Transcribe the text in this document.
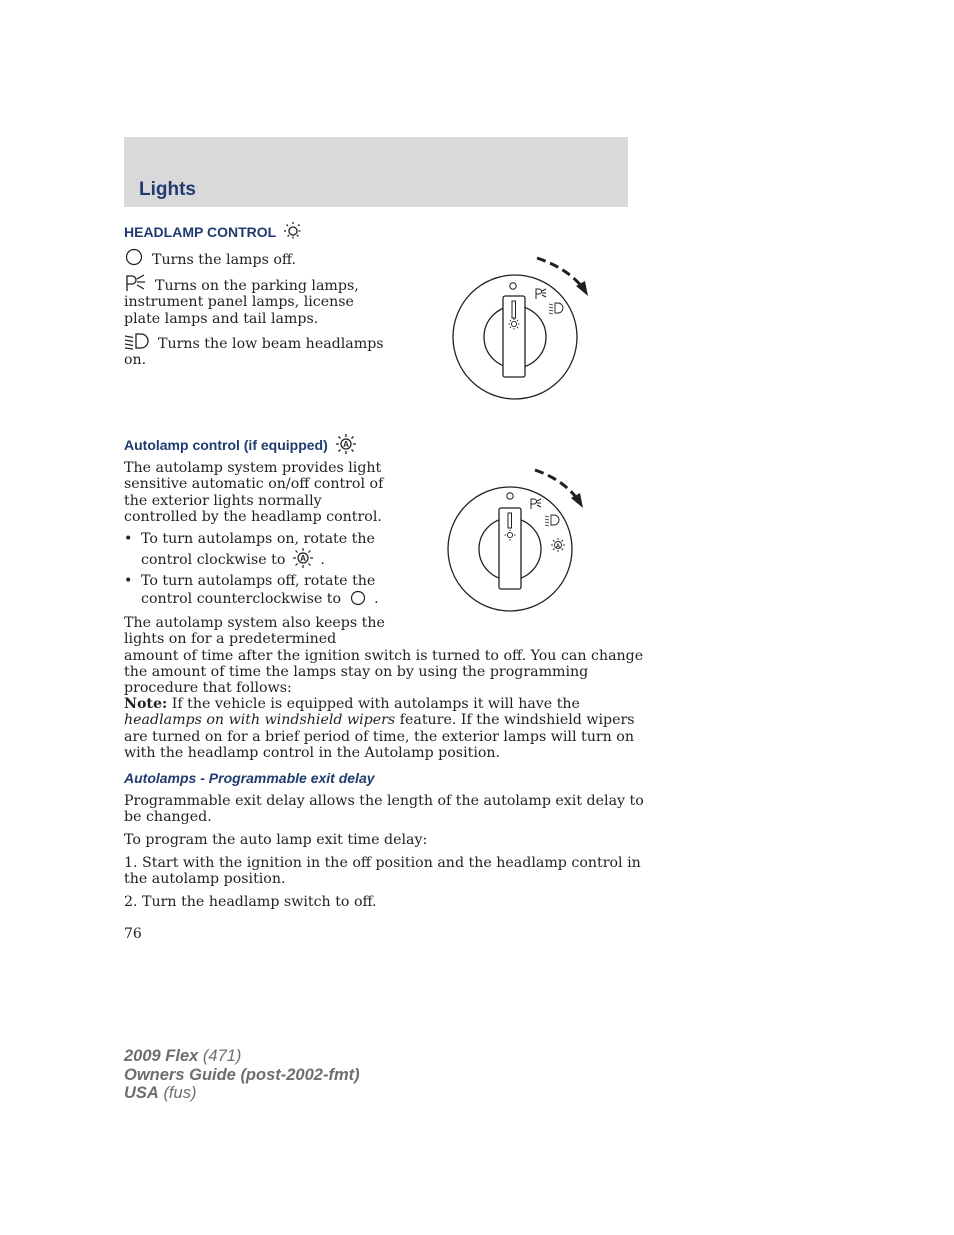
Lights
HEADLAMP CONTROL
Turns the lamps off.
Turns on the parking lamps,
instrument panel lamps, license
plate lamps and tail lamps.
Turns the low beam headlamps
on.
Autolamp control (if equipped) A
The autolamp system provides light
sensitive automatic on/off control of
the exterior lights normally
controlled by the headlamp control.
• To turn autolamps on, rotate the
control clockwise to A .
• To turn autolamps off, rotate the
control counterclockwise to .
A
The autolamp system also keeps the
lights on for a predetermined
amount of time after the ignition switch is turned to off. You can change
the amount of time the lamps stay on by using the programming
procedure that follows:
Note: If the vehicle is equipped with autolamps it will have the
headlamps on with windshield wipers feature. If the windshield wipers
are turned on for a brief period of time, the exterior lamps will turn on
with the headlamp control in the Autolamp position.
Autolamps - Programmable exit delay
Programmable exit delay allows the length of the autolamp exit delay to
be changed.
To program the auto lamp exit time delay:
1. Start with the ignition in the off position and the headlamp control in
the autolamp position.
2. Turn the headlamp switch to off.
76
2009 Flex (471)
Owners Guide (post-2002-fmt)
USA (fus)
